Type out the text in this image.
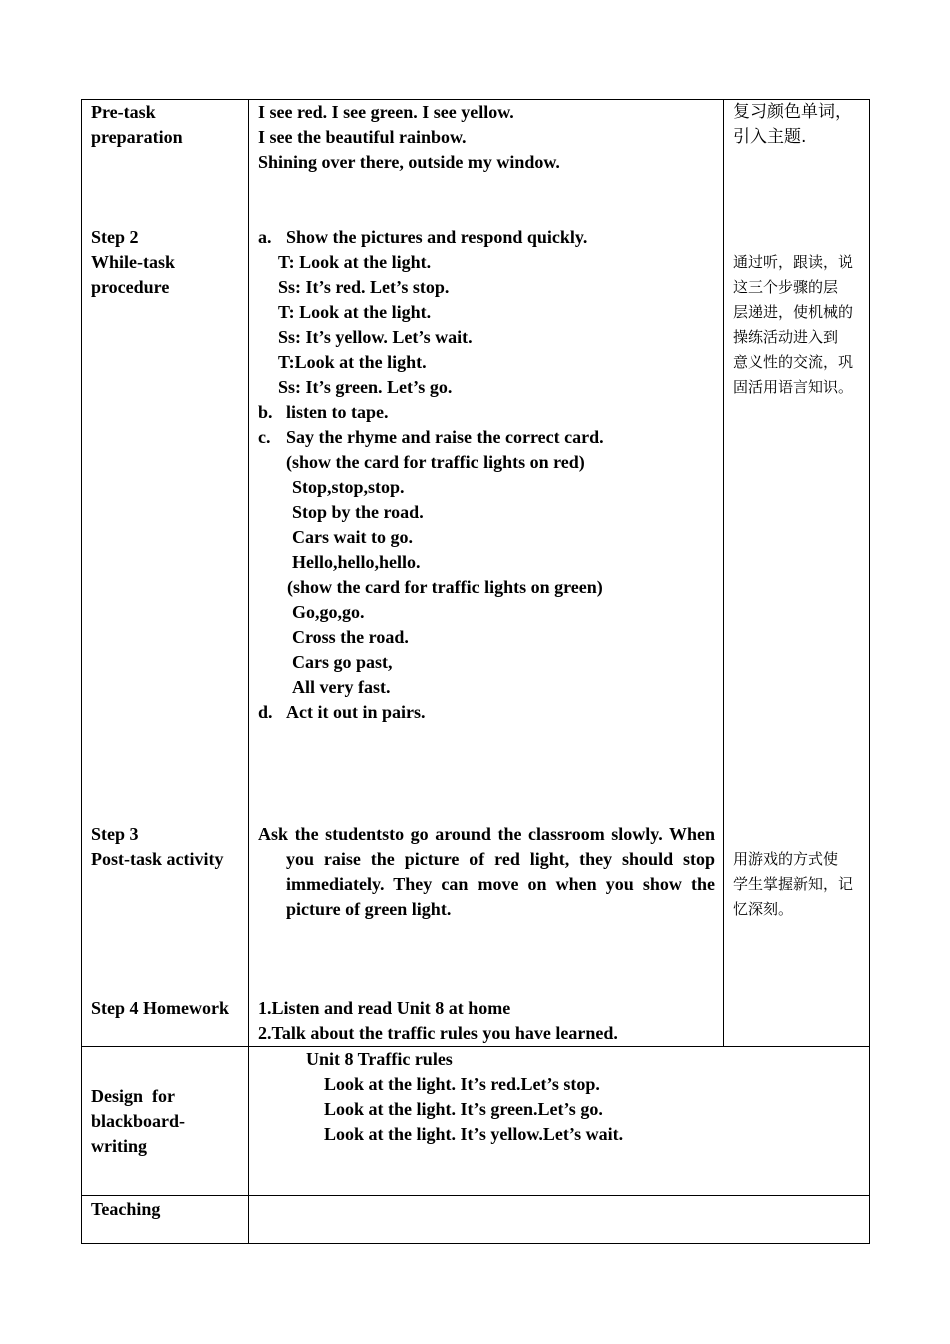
Pre-task
preparation
I see red. I see green. I see yellow.
I see the beautiful rainbow.
Shining over there, outside my window.
复习颜色单词，
引入主题.
Step 2
While-task
procedure
a. Show the pictures and respond quickly.
T: Look at the light.
Ss: It’s red. Let’s stop.
T: Look at the light.
Ss: It’s yellow. Let’s wait.
T:Look at the light.
Ss: It’s green. Let’s go.
b. listen to tape.
c. Say the rhyme and raise the correct card.
(show the card for traffic lights on red)
Stop,stop,stop.
Stop by the road.
Cars wait to go.
Hello,hello,hello.
(show the card for traffic lights on green)
Go,go,go.
Cross the road.
Cars go past,
All very fast.
d. Act it out in pairs.
通过听，跟读，说
这三个步骤的层
层递进，使机械的
操练活动进入到
意义性的交流，巩
固活用语言知识。
Step 3
Post-task activity
Ask the studentsto go around the classroom slowly. When you raise the picture of red light, they should stop immediately. They can move on when you show the picture of green light.
用游戏的方式使
学生掌握新知，记
忆深刻。
Step 4 Homework 1.Listen and read Unit 8 at home
2.Talk about the traffic rules you have learned.
Design  for
blackboard-
writing
Unit 8 Traffic rules
Look at the light. It’s red.Let’s stop.
Look at the light. It’s green.Let’s go.
Look at the light. It’s yellow.Let’s wait.
Teaching
